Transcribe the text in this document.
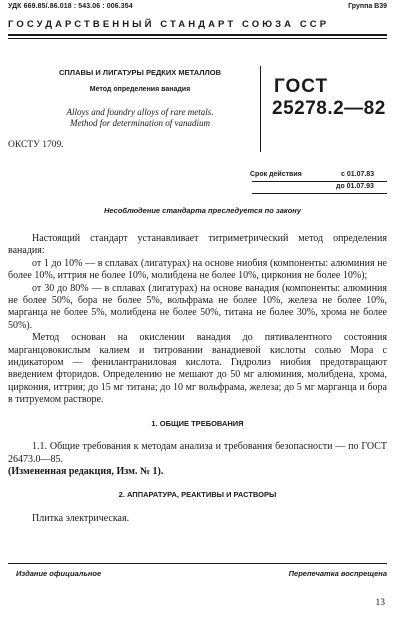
УДК 669.85/.86.018 : 543.06 : 006.354	Группа В39
ГОСУДАРСТВЕННЫЙ СТАНДАРТ СОЮЗА ССР
СПЛАВЫ И ЛИГАТУРЫ РЕДКИХ МЕТАЛЛОВ
Метод определения ванадия
Alloys and foundry alloys of rare metals.
Method for determination of vanadium
ГОСТ
25278.2—82
ОКСТУ 1709.
Срок действия	с 01.07.83
до 01.07.93
Несоблюдение стандарта преследуется по закону

Настоящий стандарт устанавливает титриметрический метод определения ванадия:

от 1 до 10% — в сплавах (лигатурах) на основе ниобия (компоненты: алюминия не более 10%, иттрия не более 10%, молибдена не более 10%, циркония не более 10%);

от 30 до 80% — в сплавах (лигатурах) на основе ванадия (компоненты: алюминия не более 50%, бора не более 5%, вольфрама не более 10%, железа не более 10%, марганца не более 5%, молибдена не более 50%, титана не более 30%, хрома не более 50%).

Метод основан на окислении ванадия до пятивалентного состояния марганцовокислым калием и титровании ванадиевой кислоты солью Мора с индикатором — фенилантраниловая кислота. Гидролиз ниобия предотвращают введением фторидов. Определению не мешают до 50 мг алюминия, молибдена, хрома, циркония, иттрия; до 15 мг титана; до 10 мг вольфрама, железа; до 5 мг марганца и бора в титруемом растворе.

1. ОБЩИЕ ТРЕБОВАНИЯ

1.1. Общие требования к методам анализа и требования безопасности — по ГОСТ 26473.0—85.

(Измененная редакция, Изм. № 1).

2. АППАРАТУРА, РЕАКТИВЫ И РАСТВОРЫ

Плитка электрическая.

Издание официальное	Перепечатка воспрещена
13
